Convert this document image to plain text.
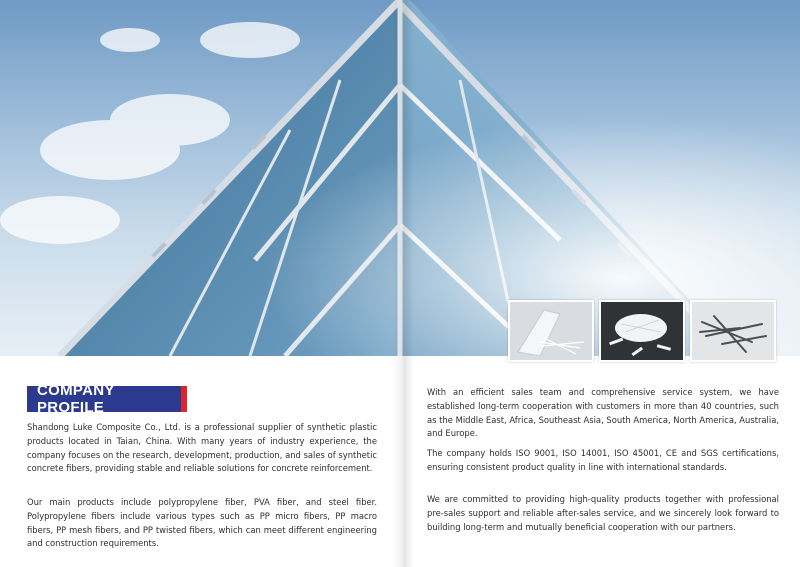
COMPANY PROFILE

Shandong Luke Composite Co., Ltd. is a professional supplier of synthetic plastic products located in Taian, China. With many years of industry experience, the company focuses on the research, development, production, and sales of synthetic concrete fibers, providing stable and reliable solutions for concrete reinforcement.

Our main products include polypropylene fiber, PVA fiber, and steel fiber. Polypropylene fibers include various types such as PP micro fibers, PP macro fibers, PP mesh fibers, and PP twisted fibers, which can meet different engineering and construction requirements.

With an efficient sales team and comprehensive service system, we have established long-term cooperation with customers in more than 40 countries, such as the Middle East, Africa, Southeast Asia, South America, North America, Australia, and Europe.

The company holds ISO 9001, ISO 14001, ISO 45001, CE and SGS certifications, ensuring consistent product quality in line with international standards.

We are committed to providing high-quality products together with professional pre-sales support and reliable after-sales service, and we sincerely look forward to building long-term and mutually beneficial cooperation with our partners.
